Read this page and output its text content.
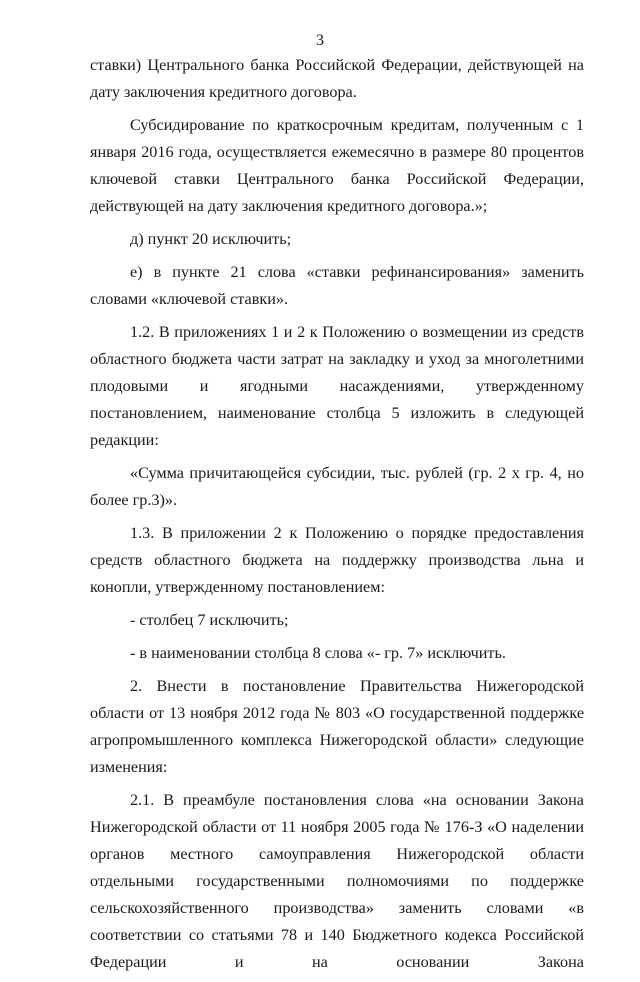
3

ставки) Центрального банка Российской Федерации, действующей на дату заключения кредитного договора.

Субсидирование по краткосрочным кредитам, полученным с 1 января 2016 года, осуществляется ежемесячно в размере 80 процентов ключевой ставки Центрального банка Российской Федерации, действующей на дату заключения кредитного договора.»;

д) пункт 20 исключить;

е) в пункте 21 слова «ставки рефинансирования» заменить словами «ключевой ставки».

1.2. В приложениях 1 и 2 к Положению о возмещении из средств областного бюджета части затрат на закладку и уход за многолетними плодовыми и ягодными насаждениями, утвержденному постановлением, наименование столбца 5 изложить в следующей редакции:

«Сумма причитающейся субсидии, тыс. рублей (гр. 2 х гр. 4, но более гр.3)».

1.3. В приложении 2 к Положению о порядке предоставления средств областного бюджета на поддержку производства льна и конопли, утвержденному постановлением:

- столбец 7 исключить;

- в наименовании столбца 8 слова «- гр. 7» исключить.

2. Внести в постановление Правительства Нижегородской области от 13 ноября 2012 года № 803 «О государственной поддержке агропромышленного комплекса Нижегородской области» следующие изменения:

2.1. В преамбуле постановления слова «на основании Закона Нижегородской области от 11 ноября 2005 года № 176-З «О наделении органов местного самоуправления Нижегородской области отдельными государственными полномочиями по поддержке сельскохозяйственного производства» заменить словами «в соответствии со статьями 78 и 140 Бюджетного кодекса Российской Федерации и на основании Закона
